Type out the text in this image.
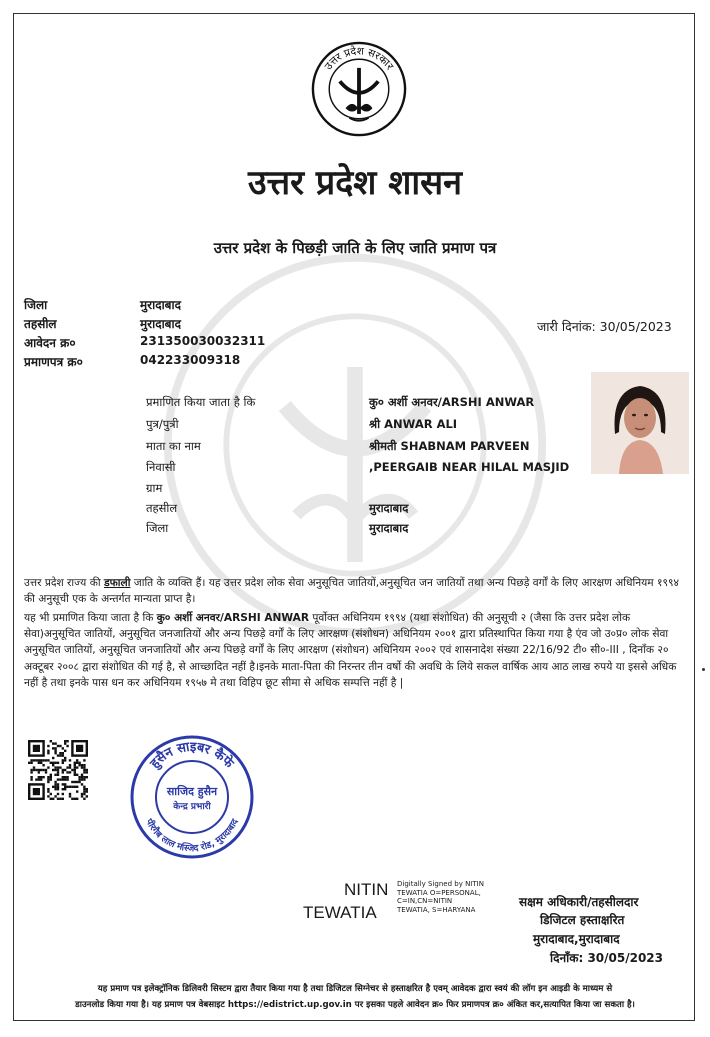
उत्तर प्रदेश सरकार
उत्तर प्रदेश शासन
उत्तर प्रदेश के पिछड़ी जाति के लिए जाति प्रमाण पत्र
जिला	मुरादाबाद
तहसील	मुरादाबाद
आवेदन क्र०	231350030032311
प्रमाणपत्र क्र०	042233009318
जारी दिनांक: 30/05/2023
प्रमाणित किया जाता है कि	कु० अर्शी अनवर/ARSHI ANWAR
पुत्र/पुत्री	श्री ANWAR ALI
माता का नाम	श्रीमती SHABNAM PARVEEN
निवासी	,PEERGAIB NEAR HILAL MASJID
ग्राम
तहसील	मुरादाबाद
जिला	मुरादाबाद
उत्तर प्रदेश राज्य की डफाली जाति के व्यक्ति हैं। यह उत्तर प्रदेश लोक सेवा अनुसूचित जातियों,अनुसूचित जन जातियों तथा अन्य पिछड़े वर्गों के लिए आरक्षण अधिनियम १९९४ की अनुसूची एक के अन्तर्गत मान्यता प्राप्त है।
यह भी प्रमाणित किया जाता है कि कु० अर्शी अनवर/ARSHI ANWAR पूर्वोक्त अधिनियम १९९४ (यथा संशोधित) की अनुसूची २ (जैसा कि उत्तर प्रदेश लोक सेवा)अनुसूचित जातियों, अनुसूचित जनजातियों और अन्य पिछड़े वर्गों के लिए आरक्षण (संशोधन) अधिनियम २००१ द्वारा प्रतिस्थापित किया गया है एंव जो उ०प्र० लोक सेवा अनुसूचित जातियों, अनुसूचित जनजातियों और अन्य पिछड़े वर्गों के लिए आरक्षण (संशोधन) अधिनियम २००२ एवं शासनादेश संख्या 22/16/92 टी० सी०-III , दिनाँक २० अक्टूबर २००८ द्वारा संशोधित की गई है, से आच्छादित नहीं है।इनके माता-पिता की निरन्तर तीन वर्षो की अवधि के लिये सकल वार्षिक आय आठ लाख रुपये या इससे अधिक नहीं है तथा इनके पास धन कर अधिनियम १९५७ मे तथा विहिप छूट सीमा से अधिक सम्पत्ति नहीं है |
हुसैन साइबर कैफे
पीरगैब लाल मस्जिद रोड, मुरादाबाद
साजिद हुसैन
केन्द्र प्रभारी
NITIN
TEWATIA
Digitally Signed by NITIN
TEWATIA O=PERSONAL,
C=IN,CN=NITIN
TEWATIA, S=HARYANA
सक्षम अधिकारी/तहसीलदार
डिजिटल हस्ताक्षरित
मुरादाबाद,मुरादाबाद
दिनाँक: 30/05/2023
यह प्रमाण पत्र इलेक्ट्रॉनिक डिलिवरी सिस्टम द्वारा तैयार किया गया है तथा डिजिटल सिग्नेचर से हस्ताक्षरित है एवम् आवेदक द्वारा स्वयं की लॉग इन आइडी के माध्यम से
डाउनलोड किया गया है। यह प्रमाण पत्र वेबसाइट https://edistrict.up.gov.in पर इसका पहले आवेदन क्र० फिर प्रमाणपत्र क्र० अंकित कर,सत्यापित किया जा सकता है।
